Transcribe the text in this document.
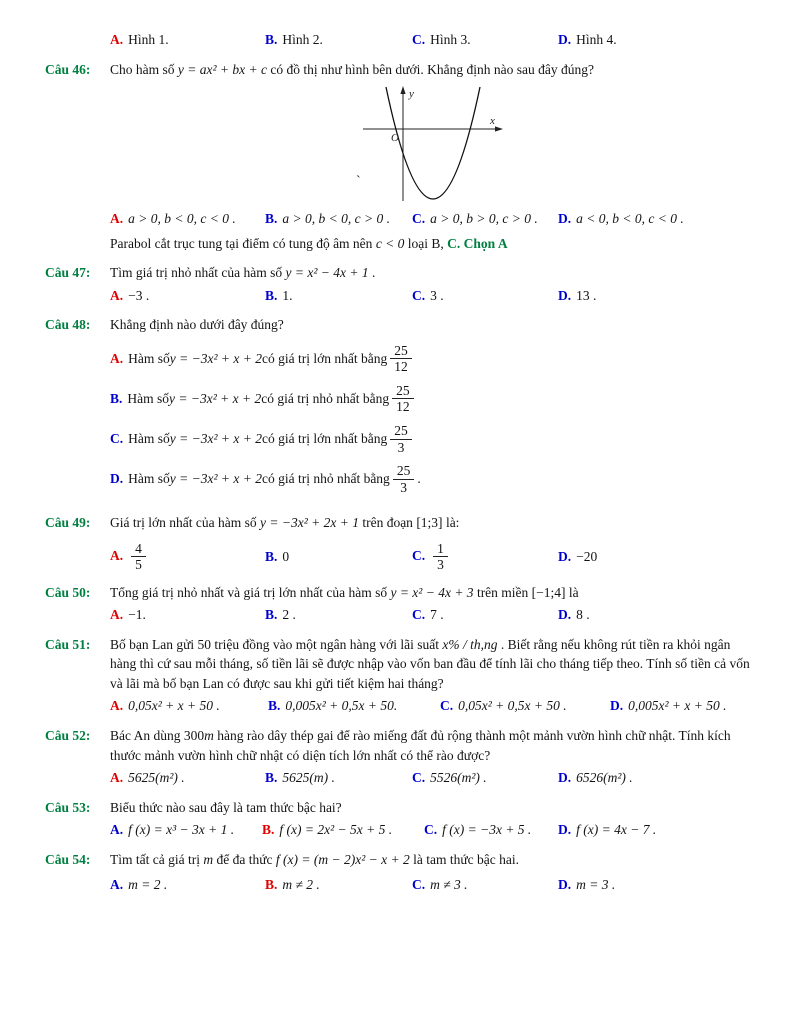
A. Hình 1.	B. Hình 2.	C. Hình 3.	D. Hình 4.
Câu 46:	Cho hàm số y = ax² + bx + c có đồ thị như hình bên dưới. Khẳng định nào sau đây đúng?
y
x
O
`
A. a > 0, b < 0, c < 0 .	B. a > 0, b < 0, c > 0 .	C. a > 0, b > 0, c > 0 .	D. a < 0, b < 0, c < 0 .
Parabol cắt trục tung tại điểm có tung độ âm nên c < 0 loại B, C. Chọn A
Câu 47:	Tìm giá trị nhỏ nhất của hàm số y = x² − 4x + 1 .
A. −3 .	B. 1.	C. 3 .	D. 13 .
Câu 48:	Khẳng định nào dưới đây đúng?
A. Hàm số y = −3x² + x + 2 có giá trị lớn nhất bằng $\frac{25}{12}$
B. Hàm số y = −3x² + x + 2 có giá trị nhỏ nhất bằng $\frac{25}{12}$
C. Hàm số y = −3x² + x + 2 có giá trị lớn nhất bằng $\frac{25}{3}$
D. Hàm số y = −3x² + x + 2 có giá trị nhỏ nhất bằng $\frac{25}{3}$ .
Câu 49:	Giá trị lớn nhất của hàm số y = −3x² + 2x + 1 trên đoạn [1;3] là:
A. $\frac{4}{5}$	B. 0	C. $\frac{1}{3}$	D. −20
Câu 50:	Tổng giá trị nhỏ nhất và giá trị lớn nhất của hàm số y = x² − 4x + 3 trên miền [−1;4] là
A. −1.	B. 2 .	C. 7 .	D. 8 .
Câu 51:	Bố bạn Lan gửi 50 triệu đồng vào một ngân hàng với lãi suất x% / th,ng . Biết rằng nếu không rút tiền ra khỏi ngân hàng thì cứ sau mỗi tháng, số tiền lãi sẽ được nhập vào vốn ban đầu để tính lãi cho tháng tiếp theo. Tính số tiền cả vốn và lãi mà bố bạn Lan có được sau khi gửi tiết kiệm hai tháng?
A. 0,05x² + x + 50 .	B. 0,005x² + 0,5x + 50.	C. 0,05x² + 0,5x + 50 .	D. 0,005x² + x + 50 .
Câu 52:	Bác An dùng 300m hàng rào dây thép gai để rào miếng đất đủ rộng thành một mảnh vườn hình chữ nhật. Tính kích thước mảnh vườn hình chữ nhật có diện tích lớn nhất có thể rào được?
A. 5625(m²) .	B. 5625(m) .	C. 5526(m²) .	D. 6526(m²) .
Câu 53:	Biểu thức nào sau đây là tam thức bậc hai?
A. f (x) = x³ − 3x + 1 .	B. f (x) = 2x² − 5x + 5 .	C. f (x) = −3x + 5 .	D. f (x) = 4x − 7 .
Câu 54:	Tìm tất cả giá trị m để đa thức f (x) = (m − 2)x² − x + 2 là tam thức bậc hai.
A. m = 2 .	B. m ≠ 2 .	C. m ≠ 3 .	D. m = 3 .
